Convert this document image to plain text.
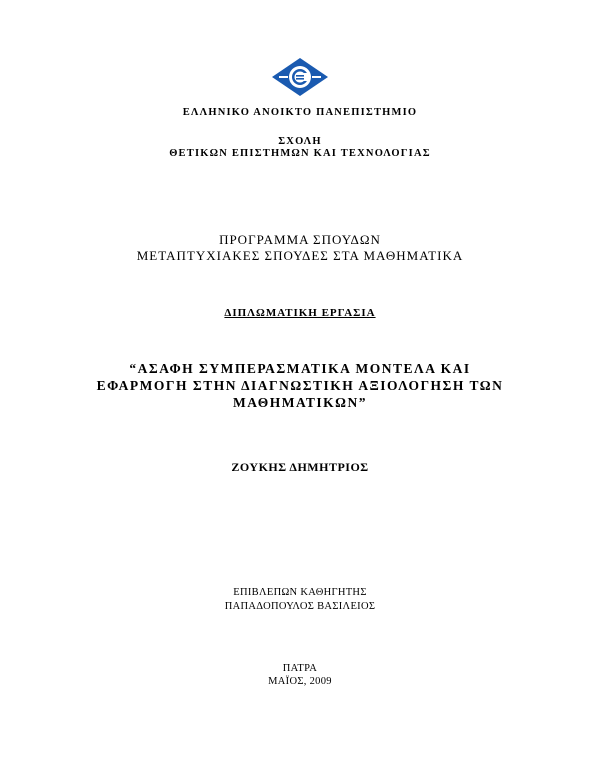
ΕΛΛΗΝΙΚΟ ΑΝΟΙΚΤΟ ΠΑΝΕΠΙΣΤΗΜΙΟ
ΣΧΟΛΗ
ΘΕΤΙΚΩΝ ΕΠΙΣΤΗΜΩΝ ΚΑΙ ΤΕΧΝΟΛΟΓΙΑΣ
ΠΡΟΓΡΑΜΜΑ ΣΠΟΥΔΩΝ
ΜΕΤΑΠΤΥΧΙΑΚΕΣ ΣΠΟΥΔΕΣ ΣΤΑ ΜΑΘΗΜΑΤΙΚΑ
ΔΙΠΛΩΜΑΤΙΚΗ ΕΡΓΑΣΙΑ
“ΑΣΑΦΗ ΣΥΜΠΕΡΑΣΜΑΤΙΚΑ ΜΟΝΤΕΛΑ ΚΑΙ
ΕΦΑΡΜΟΓΗ ΣΤΗΝ ΔΙΑΓΝΩΣΤΙΚΗ ΑΞΙΟΛΟΓΗΣΗ ΤΩΝ
ΜΑΘΗΜΑΤΙΚΩΝ”
ΖΟΥΚΗΣ ΔΗΜΗΤΡΙΟΣ
ΕΠΙΒΛΕΠΩΝ ΚΑΘΗΓΗΤΗΣ
ΠΑΠΑΔΟΠΟΥΛΟΣ ΒΑΣΙΛΕΙΟΣ
ΠΑΤΡΑ
ΜΑΪΟΣ, 2009
